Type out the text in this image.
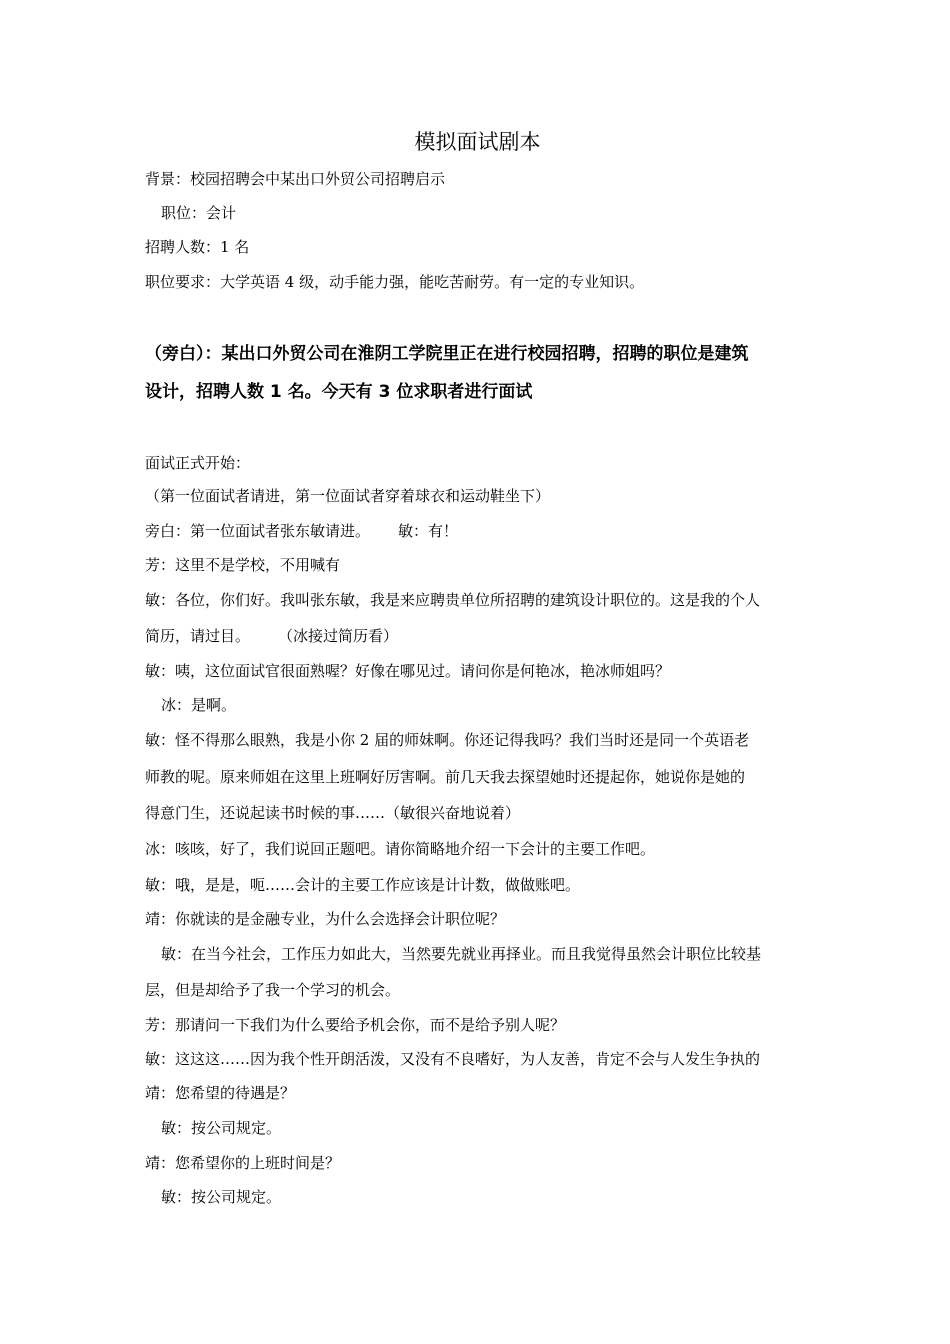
模拟面试剧本
背景：校园招聘会中某出口外贸公司招聘启示
职位：会计
招聘人数：1 名
职位要求：大学英语 4 级，动手能力强，能吃苦耐劳。有一定的专业知识。
（旁白）：某出口外贸公司在淮阴工学院里正在进行校园招聘，招聘的职位是建筑
设计，招聘人数 1 名。今天有 3 位求职者进行面试
面试正式开始：
（第一位面试者请进，第一位面试者穿着球衣和运动鞋坐下）
旁白：第一位面试者张东敏请进。 敏：有！
芳：这里不是学校，不用喊有
敏：各位，你们好。我叫张东敏，我是来应聘贵单位所招聘的建筑设计职位的。这是我的个人
简历，请过目。 （冰接过简历看）
敏：咦，这位面试官很面熟喔？好像在哪见过。请问你是何艳冰，艳冰师姐吗？
冰：是啊。
敏：怪不得那么眼熟，我是小你 2 届的师妹啊。你还记得我吗？我们当时还是同一个英语老
师教的呢。原来师姐在这里上班啊好厉害啊。前几天我去探望她时还提起你，她说你是她的
得意门生，还说起读书时候的事……（敏很兴奋地说着）
冰：咳咳，好了，我们说回正题吧。请你简略地介绍一下会计的主要工作吧。
敏：哦，是是，呃……会计的主要工作应该是计计数，做做账吧。
靖：你就读的是金融专业，为什么会选择会计职位呢？
敏：在当今社会，工作压力如此大，当然要先就业再择业。而且我觉得虽然会计职位比较基
层，但是却给予了我一个学习的机会。
芳：那请问一下我们为什么要给予机会你，而不是给予别人呢？
敏：这这这……因为我个性开朗活泼，又没有不良嗜好，为人友善，肯定不会与人发生争执的
靖：您希望的待遇是？
敏：按公司规定。
靖：您希望你的上班时间是？
敏：按公司规定。
